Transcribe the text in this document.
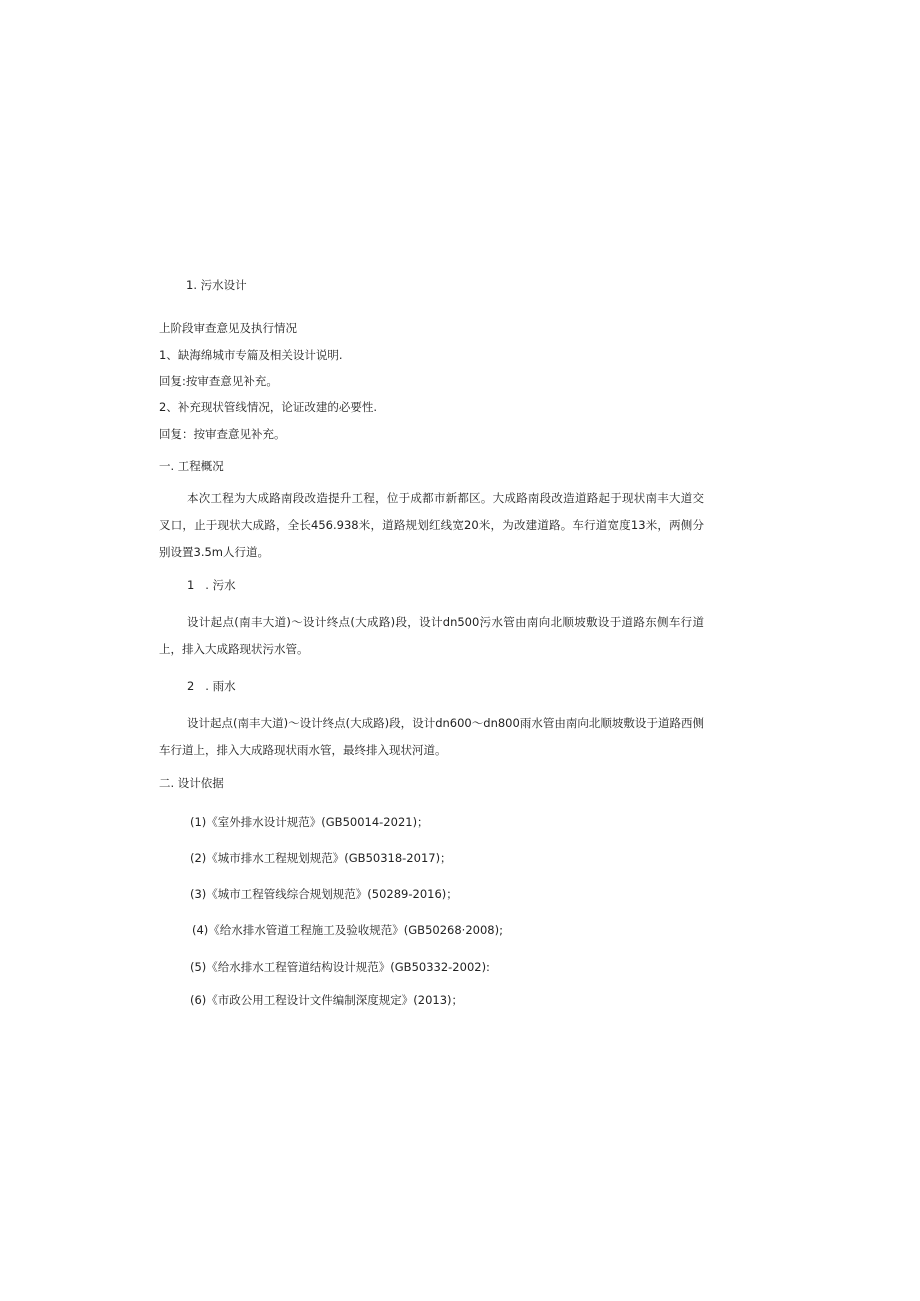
1. 污水设计
上阶段审查意见及执行情况
1、缺海绵城市专篇及相关设计说明.
回复:按审查意见补充。
2、补充现状管线情况，论证改建的必要性.
回复：按审查意见补充。
一. 工程概况
本次工程为大成路南段改造提升工程，位于成都市新都区。大成路南段改造道路起于现状南丰大道交叉口，止于现状大成路，全长456.938米，道路规划红线宽20米，为改建道路。车行道宽度13米，两侧分别设置3.5m人行道。
1   . 污水
设计起点(南丰大道)～设计终点(大成路)段，设计dn500污水管由南向北顺坡敷设于道路东侧车行道上，排入大成路现状污水管。
2   . 雨水
设计起点(南丰大道)～设计终点(大成路)段，设计dn600～dn800雨水管由南向北顺坡敷设于道路西侧车行道上，排入大成路现状雨水管，最终排入现状河道。
二. 设计依据
(1)《室外排水设计规范》(GB50014-2021)；
(2)《城市排水工程规划规范》(GB50318-2017)；
(3)《城市工程管线综合规划规范》(50289-2016)；
(4)《给水排水管道工程施工及验收规范》(GB50268·2008);
(5)《给水排水工程管道结构设计规范》(GB50332-2002):
(6)《市政公用工程设计文件编制深度规定》(2013)；
